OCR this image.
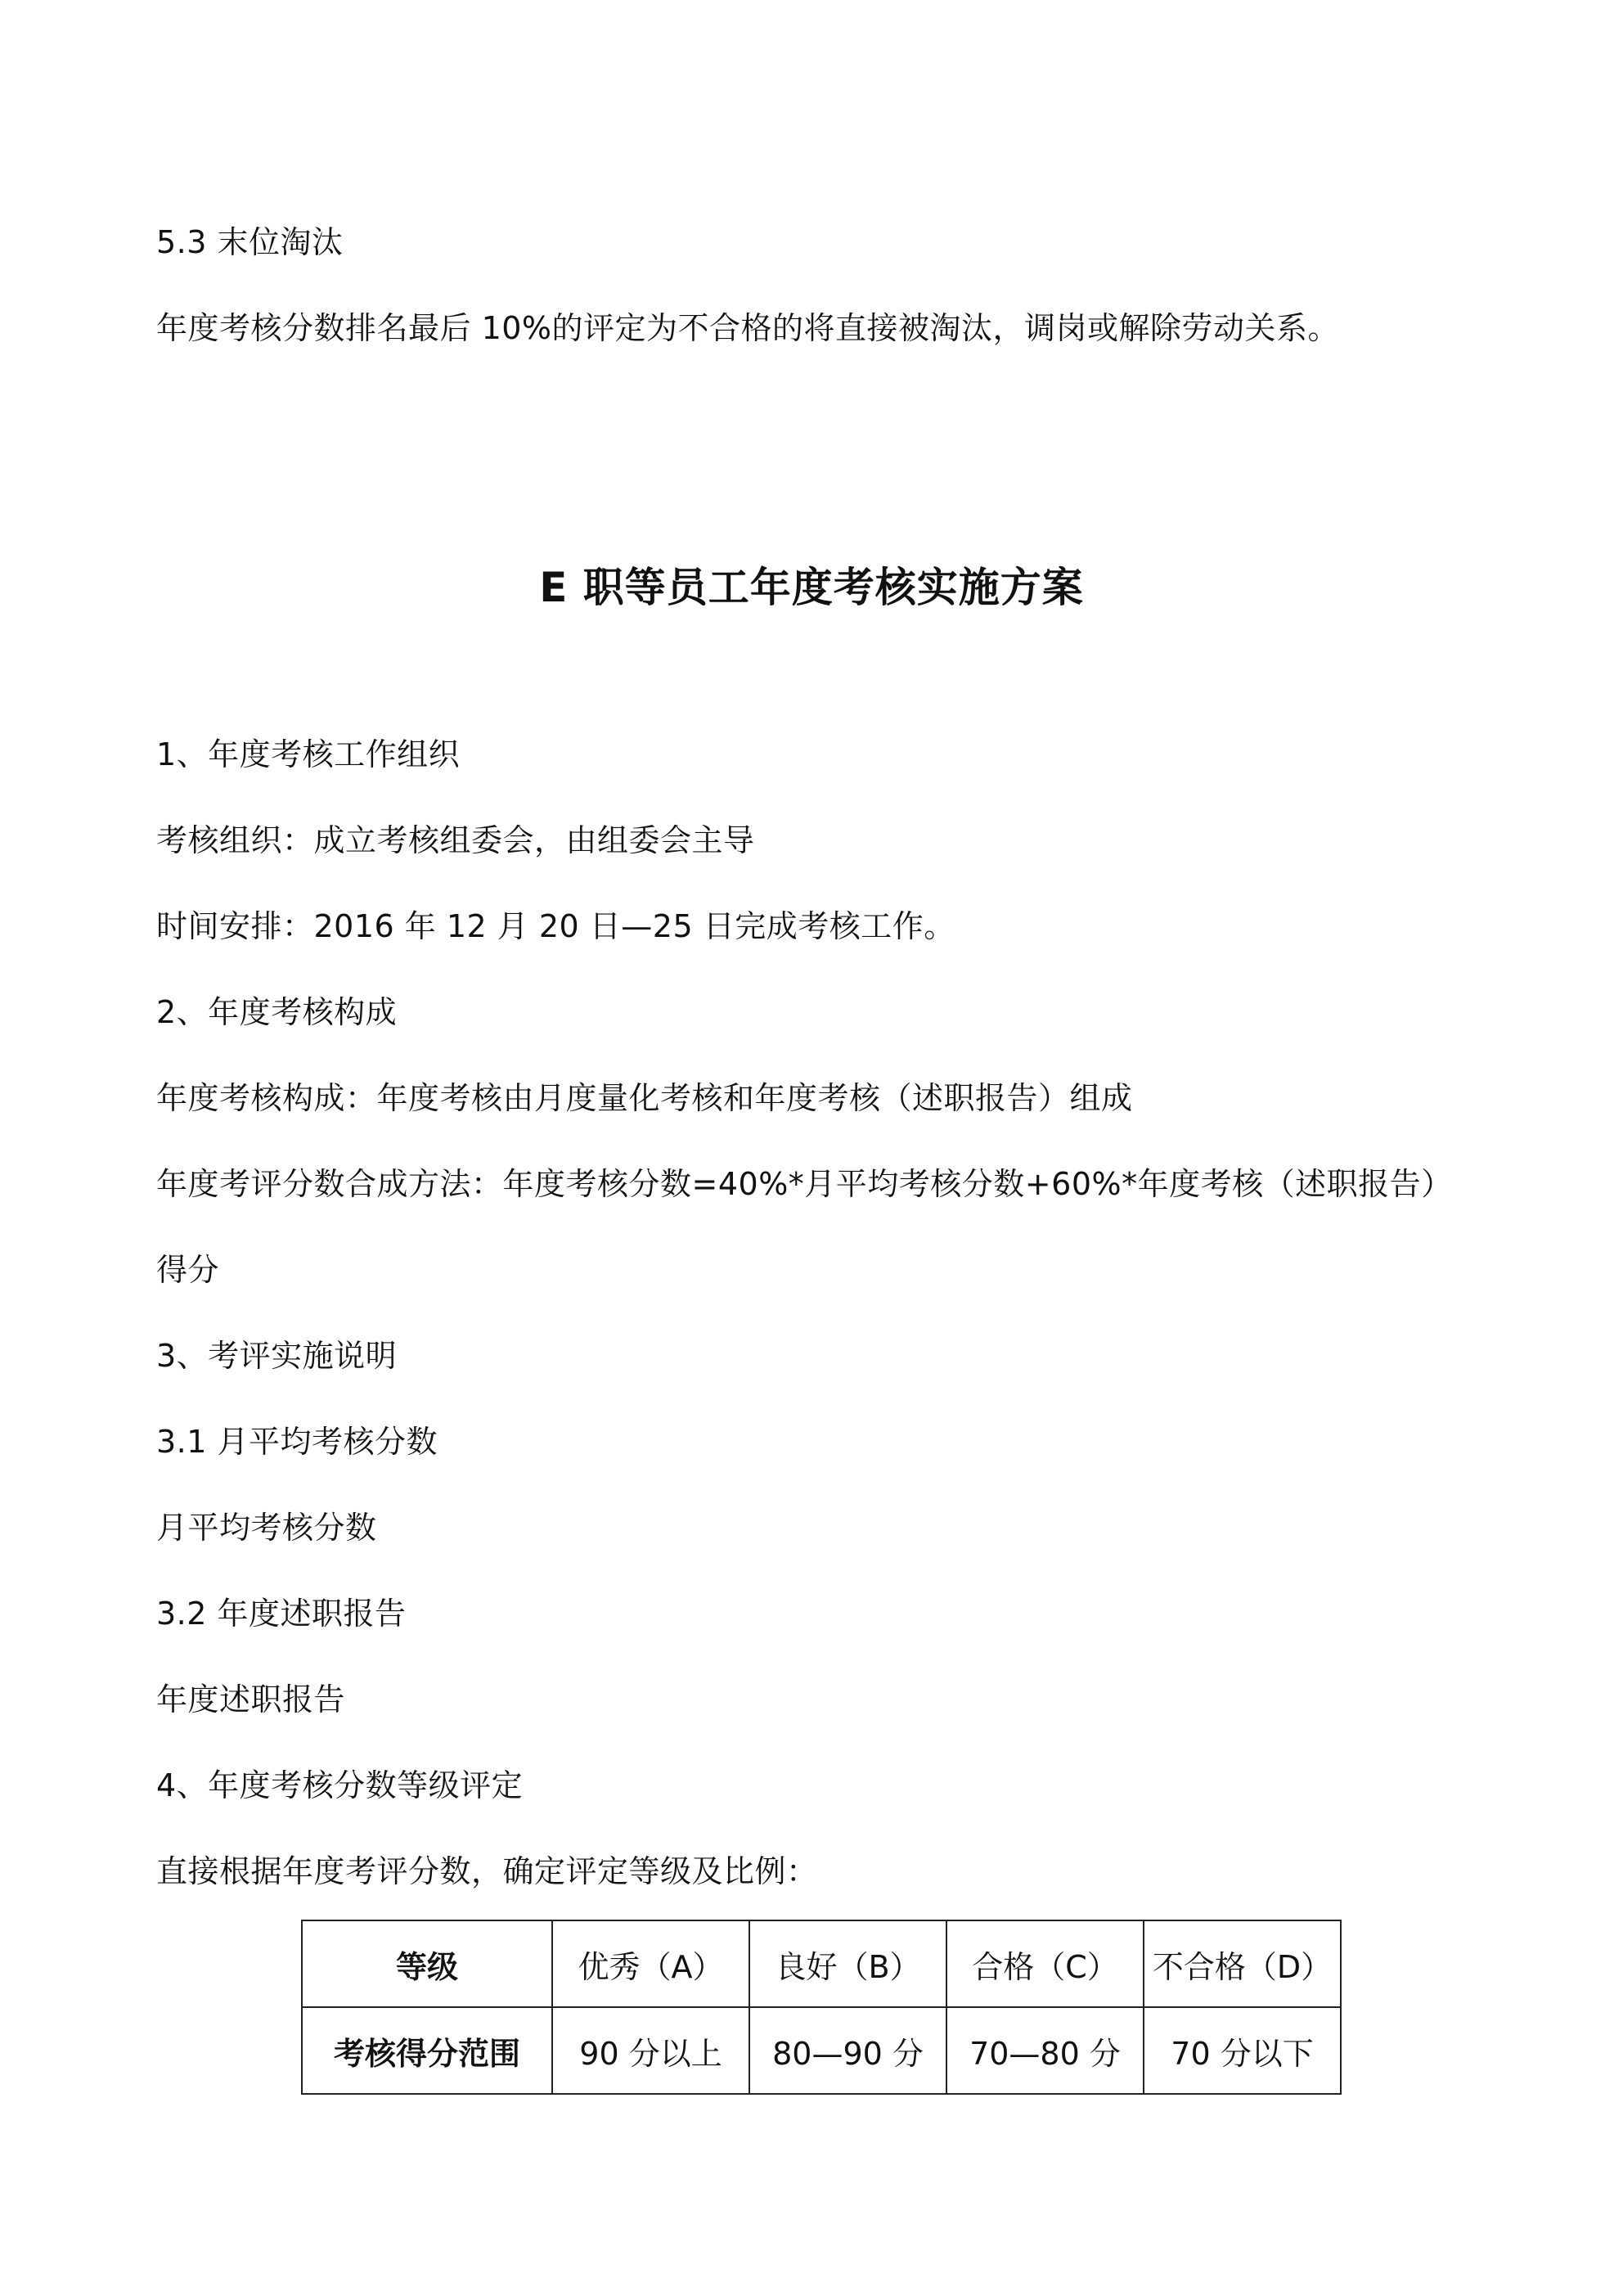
5.3 末位淘汰
年度考核分数排名最后 10%的评定为不合格的将直接被淘汰，调岗或解除劳动关系。
E 职等员工年度考核实施方案
1、年度考核工作组织
考核组织：成立考核组委会，由组委会主导
时间安排：2016 年 12 月 20 日—25 日完成考核工作。
2、年度考核构成
年度考核构成：年度考核由月度量化考核和年度考核（述职报告）组成
年度考评分数合成方法：年度考核分数=40%*月平均考核分数+60%*年度考核（述职报告）
得分
3、考评实施说明
3.1 月平均考核分数
月平均考核分数
3.2 年度述职报告
年度述职报告
4、年度考核分数等级评定
直接根据年度考评分数，确定评定等级及比例：
等级	优秀（A）	良好（B）	合格（C）	不合格（D）
考核得分范围	90 分以上	80—90 分	70—80 分	70 分以下
